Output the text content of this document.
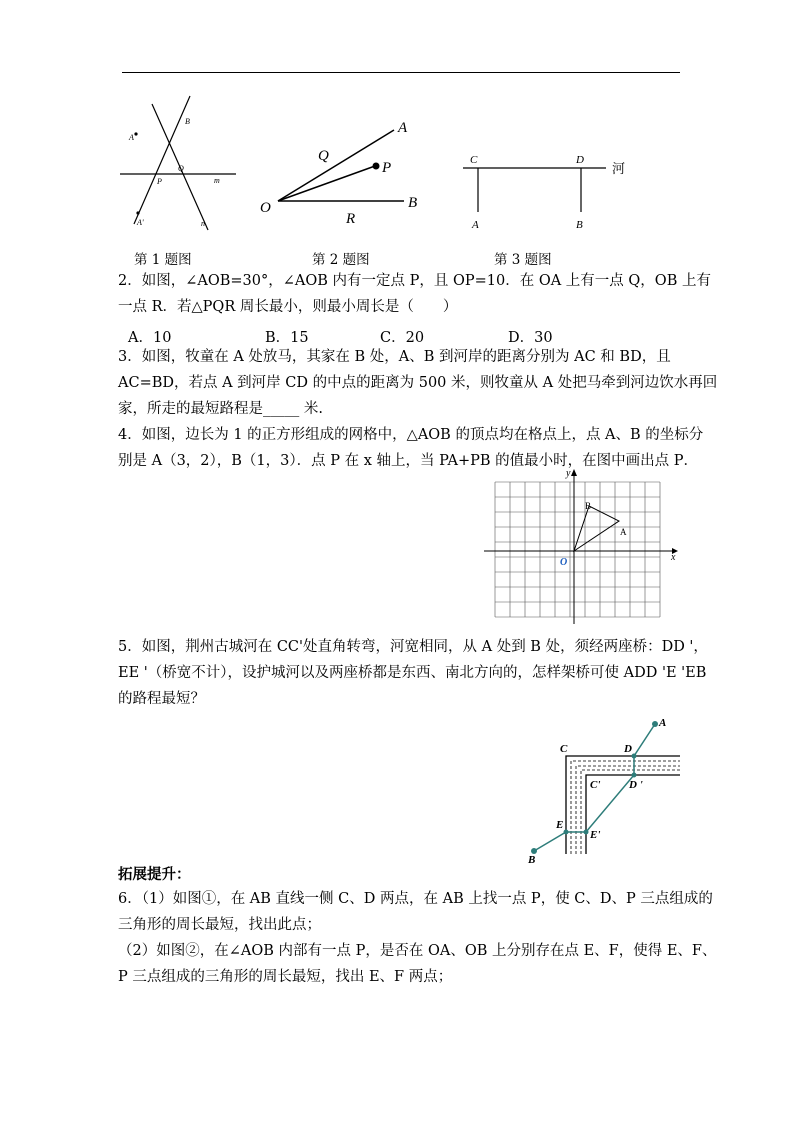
A
B
Q
P	m
A'	n
A
Q
P
O
R
B
C	D
河
A	B
第 1 题图	第 2 题图	第 3 题图
2．如图，∠AOB=30°，∠AOB 内有一定点 P，且 OP=10．在 OA 上有一点 Q，OB 上有
一点 R．若△PQR 周长最小，则最小周长是（　　）
A．10	B．15	C．20	D．30
3．如图，牧童在 A 处放马，其家在 B 处，A、B 到河岸的距离分别为 AC 和 BD，且
AC=BD，若点 A 到河岸 CD 的中点的距离为 500 米，则牧童从 A 处把马牵到河边饮水再回
家，所走的最短路程是_____ 米.
4．如图，边长为 1 的正方形组成的网格中，△AOB 的顶点均在格点上，点 A、B 的坐标分
别是 A（3，2），B（1，3）．点 P 在 x 轴上，当 PA+PB 的值最小时，在图中画出点 P．
y
x
O
A
B
5．如图，荆州古城河在 CC'处直角转弯，河宽相同，从 A 处到 B 处，须经两座桥：DD '，
EE '（桥宽不计），设护城河以及两座桥都是东西、南北方向的，怎样架桥可使 ADD 'E 'EB
的路程最短？
A
C	D
C'	D '
E
E'
B
拓展提升：
6．（1）如图①，在 AB 直线一侧 C、D 两点，在 AB 上找一点 P，使 C、D、P 三点组成的
三角形的周长最短，找出此点；
（2）如图②，在∠AOB 内部有一点 P，是否在 OA、OB 上分别存在点 E、F，使得 E、F、
P 三点组成的三角形的周长最短，找出 E、F 两点；
